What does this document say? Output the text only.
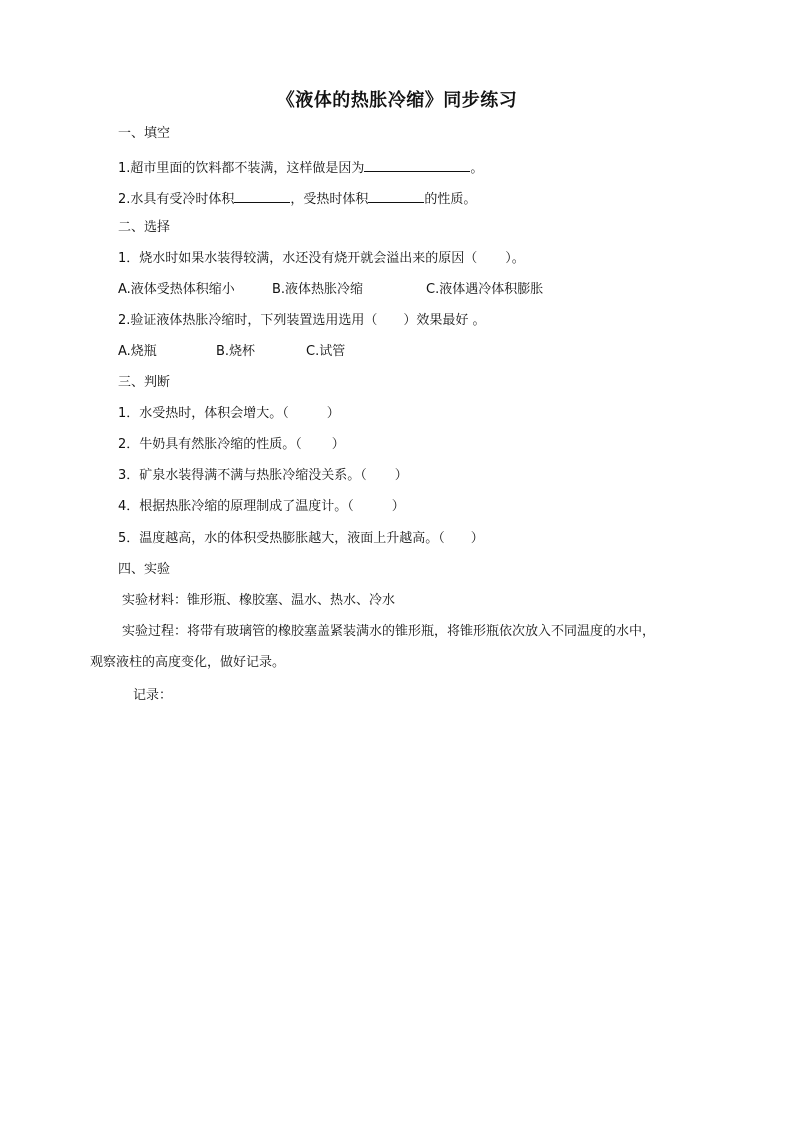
《液体的热胀冷缩》同步练习
一、填空
1.超市里面的饮料都不装满，这样做是因为	。
2.水具有受冷时体积	，受热时体积	的性质。
二、选择
1．烧水时如果水装得较满，水还没有烧开就会溢出来的原因（ ）。
A.液体受热体积缩小	B.液体热胀冷缩	C.液体遇冷体积膨胀
2.验证液体热胀冷缩时，下列装置选用选用（ ）效果最好 。
A.烧瓶	B.烧杯	C.试管
三、判断
1．水受热时，体积会增大。（	）
2．牛奶具有然胀冷缩的性质。（ ）
3．矿泉水装得满不满与热胀冷缩没关系。（ ）
4．根据热胀冷缩的原理制成了温度计。（	）
5．温度越高，水的体积受热膨胀越大，液面上升越高。（ ）
四、实验
实验材料：锥形瓶、橡胶塞、温水、热水、冷水
实验过程：将带有玻璃管的橡胶塞盖紧装满水的锥形瓶，将锥形瓶依次放入不同温度的水中，
观察液柱的高度变化，做好记录。
记录：
